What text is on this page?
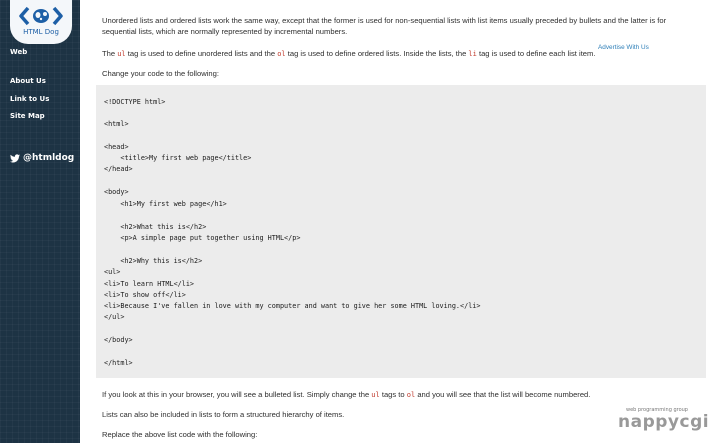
HTML Dog
Web
About Us
Link to Us
Site Map
@htmldog
Unordered lists and ordered lists work the same way, except that the former is used for non-sequential lists with list items usually preceded by bullets and the latter is for sequential lists, which are normally represented by incremental numbers.
The ul tag is used to define unordered lists and the ol tag is used to define ordered lists. Inside the lists, the li tag is used to define each list item.
Advertise With Us
Change your code to the following:
<!DOCTYPE html>
<html>
<head>
<title>My first web page</title>
</head>
<body>
<h1>My first web page</h1>
<h2>What this is</h2>
<p>A simple page put together using HTML</p>
<h2>Why this is</h2>
<ul>
<li>To learn HTML</li>
<li>To show off</li>
<li>Because I've fallen in love with my computer and want to give her some HTML loving.</li>
</ul>
</body>
</html>
If you look at this in your browser, you will see a bulleted list. Simply change the ul tags to ol and you will see that the list will become numbered.
Lists can also be included in lists to form a structured hierarchy of items.
Replace the above list code with the following:
web programming group
nappycgi
